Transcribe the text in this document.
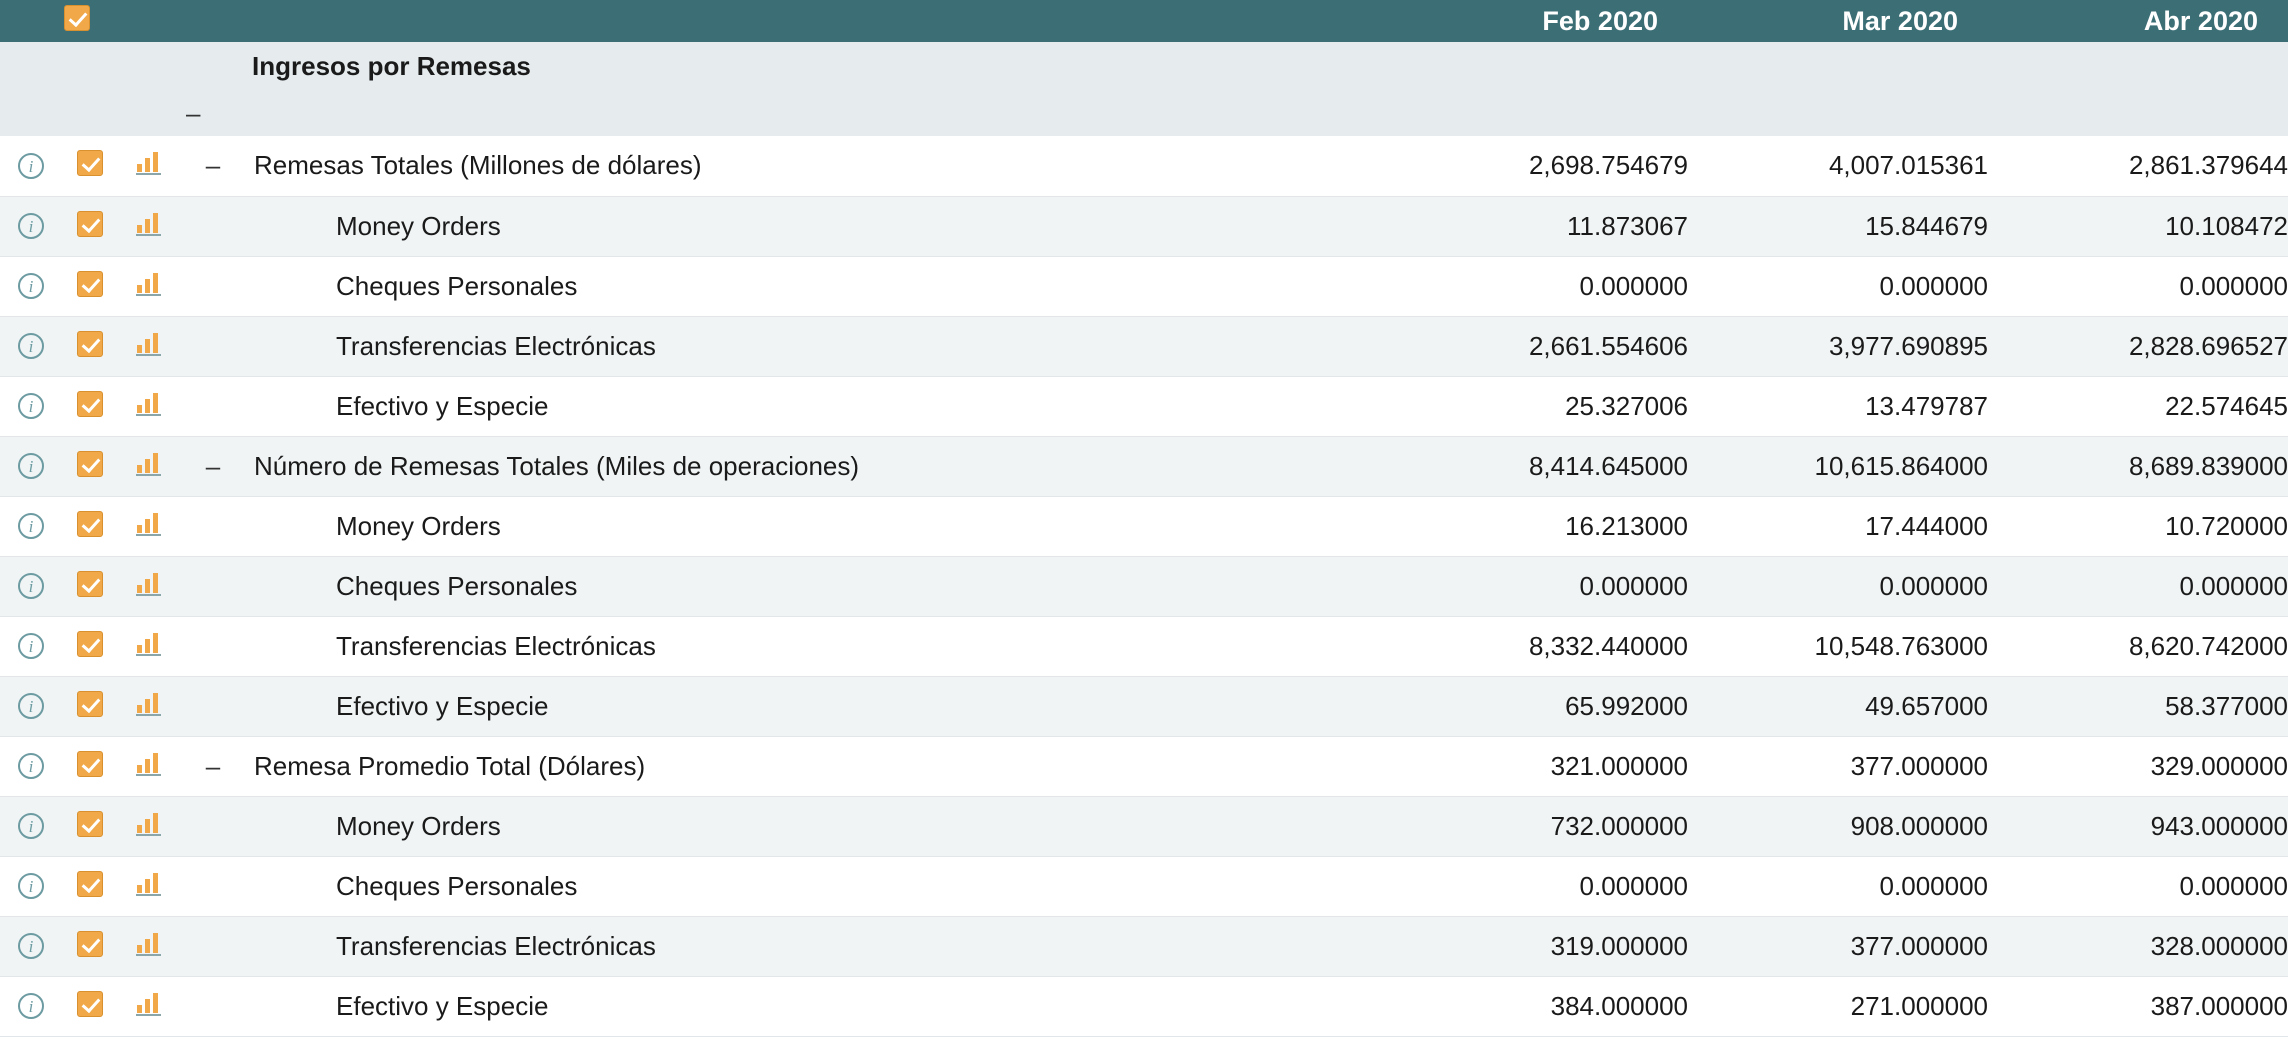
					Feb 2020	Mar 2020	Abr 2020

Ingresos por Remesas							

–							

i			–	Remesas Totales (Millones de dólares)	2,698.754679	4,007.015361	2,861.379644
i				Money Orders	11.873067	15.844679	10.108472
i				Cheques Personales	0.000000	0.000000	0.000000
i				Transferencias Electrónicas	2,661.554606	3,977.690895	2,828.696527
i				Efectivo y Especie	25.327006	13.479787	22.574645
i			–	Número de Remesas Totales (Miles de operaciones)	8,414.645000	10,615.864000	8,689.839000
i				Money Orders	16.213000	17.444000	10.720000
i				Cheques Personales	0.000000	0.000000	0.000000
i				Transferencias Electrónicas	8,332.440000	10,548.763000	8,620.742000
i				Efectivo y Especie	65.992000	49.657000	58.377000
i			–	Remesa Promedio Total (Dólares)	321.000000	377.000000	329.000000
i				Money Orders	732.000000	908.000000	943.000000
i				Cheques Personales	0.000000	0.000000	0.000000
i				Transferencias Electrónicas	319.000000	377.000000	328.000000
i				Efectivo y Especie	384.000000	271.000000	387.000000
